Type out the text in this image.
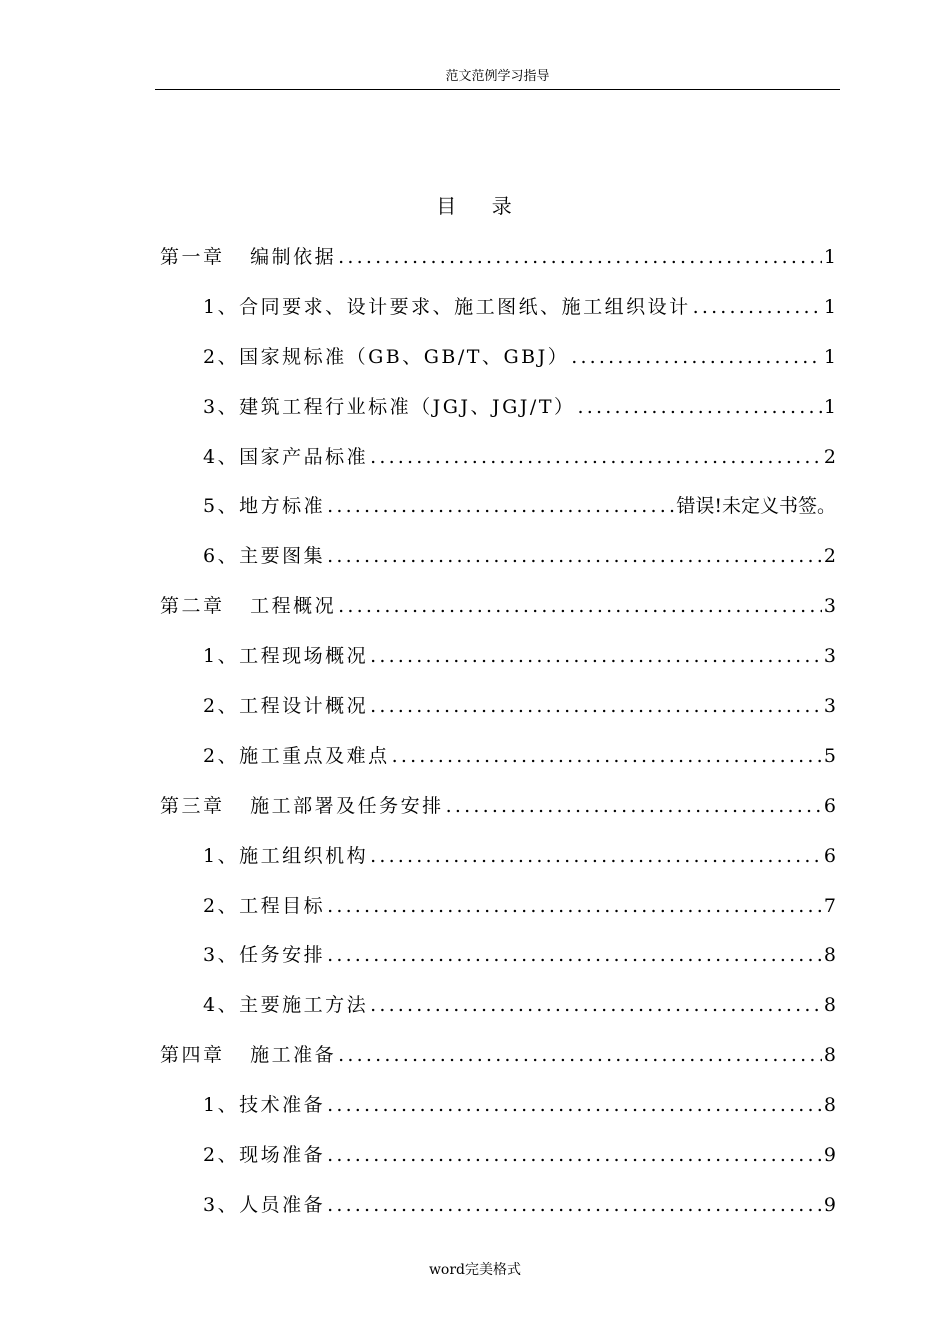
范文范例学习指导
目    录
第一章   编制依据 .....	1
1、合同要求、设计要求、施工图纸、施工组织设计 .....	1
2、国家规标准（GB、GB/T、GBJ） .....	1
3、建筑工程行业标准（JGJ、JGJ/T） .....	1
4、国家产品标准 .....	2
5、地方标准 .....	错误!未定义书签。
6、主要图集 .....	2
第二章   工程概况 .....	3
1、工程现场概况 .....	3
2、工程设计概况 .....	3
2、施工重点及难点 .....	5
第三章   施工部署及任务安排 .....	6
1、施工组织机构 .....	6
2、工程目标 .....	7
3、任务安排 .....	8
4、主要施工方法 .....	8
第四章   施工准备 .....	8
1、技术准备 .....	8
2、现场准备 .....	9
3、人员准备 .....	9
word完美格式
